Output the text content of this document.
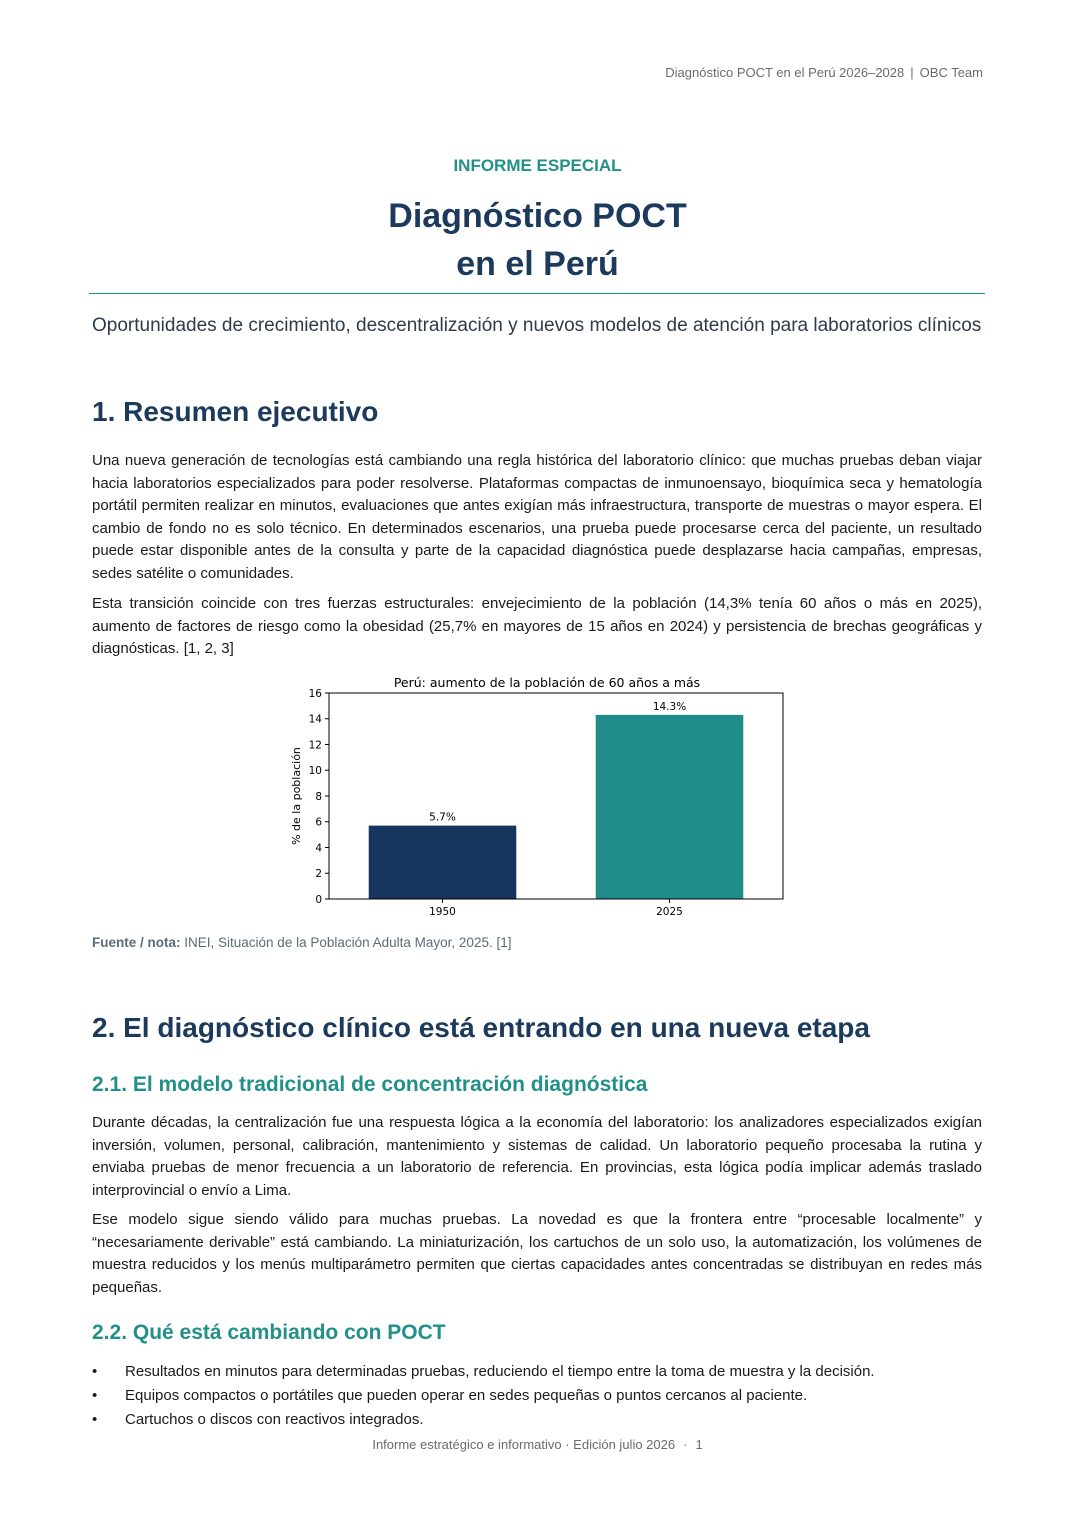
Diagnóstico POCT en el Perú 2026–2028 | OBC Team
INFORME ESPECIAL
Diagnóstico POCT
en el Perú
Oportunidades de crecimiento, descentralización y nuevos modelos de atención para laboratorios clínicos
1. Resumen ejecutivo

Una nueva generación de tecnologías está cambiando una regla histórica del laboratorio clínico: que muchas pruebas deban viajar hacia laboratorios especializados para poder resolverse. Plataformas compactas de inmunoensayo, bioquímica seca y hematología portátil permiten realizar en minutos, evaluaciones que antes exigían más infraestructura, transporte de muestras o mayor espera. El cambio de fondo no es solo técnico. En determinados escenarios, una prueba puede procesarse cerca del paciente, un resultado puede estar disponible antes de la consulta y parte de la capacidad diagnóstica puede desplazarse hacia campañas, empresas, sedes satélite o comunidades.

Esta transición coincide con tres fuerzas estructurales: envejecimiento de la población (14,3% tenía 60 años o más en 2025), aumento de factores de riesgo como la obesidad (25,7% en mayores de 15 años en 2024) y persistencia de brechas geográficas y diagnósticas. [1, 2, 3]

Perú: aumento de la población de 60 años a más
% de la población
0
2
4
6
8
10
12
14
16
5.7%
14.3%
1950	2025
Fuente / nota: INEI, Situación de la Población Adulta Mayor, 2025. [1]
2. El diagnóstico clínico está entrando en una nueva etapa
2.1. El modelo tradicional de concentración diagnóstica

Durante décadas, la centralización fue una respuesta lógica a la economía del laboratorio: los analizadores especializados exigían inversión, volumen, personal, calibración, mantenimiento y sistemas de calidad. Un laboratorio pequeño procesaba la rutina y enviaba pruebas de menor frecuencia a un laboratorio de referencia. En provincias, esta lógica podía implicar además traslado interprovincial o envío a Lima.

Ese modelo sigue siendo válido para muchas pruebas. La novedad es que la frontera entre “procesable localmente” y “necesariamente derivable” está cambiando. La miniaturización, los cartuchos de un solo uso, la automatización, los volúmenes de muestra reducidos y los menús multiparámetro permiten que ciertas capacidades antes concentradas se distribuyan en redes más pequeñas.

2.2. Qué está cambiando con POCT
• Resultados en minutos para determinadas pruebas, reduciendo el tiempo entre la toma de muestra y la decisión.
• Equipos compactos o portátiles que pueden operar en sedes pequeñas o puntos cercanos al paciente.
• Cartuchos o discos con reactivos integrados.
Informe estratégico e informativo · Edición julio 2026 · 1
